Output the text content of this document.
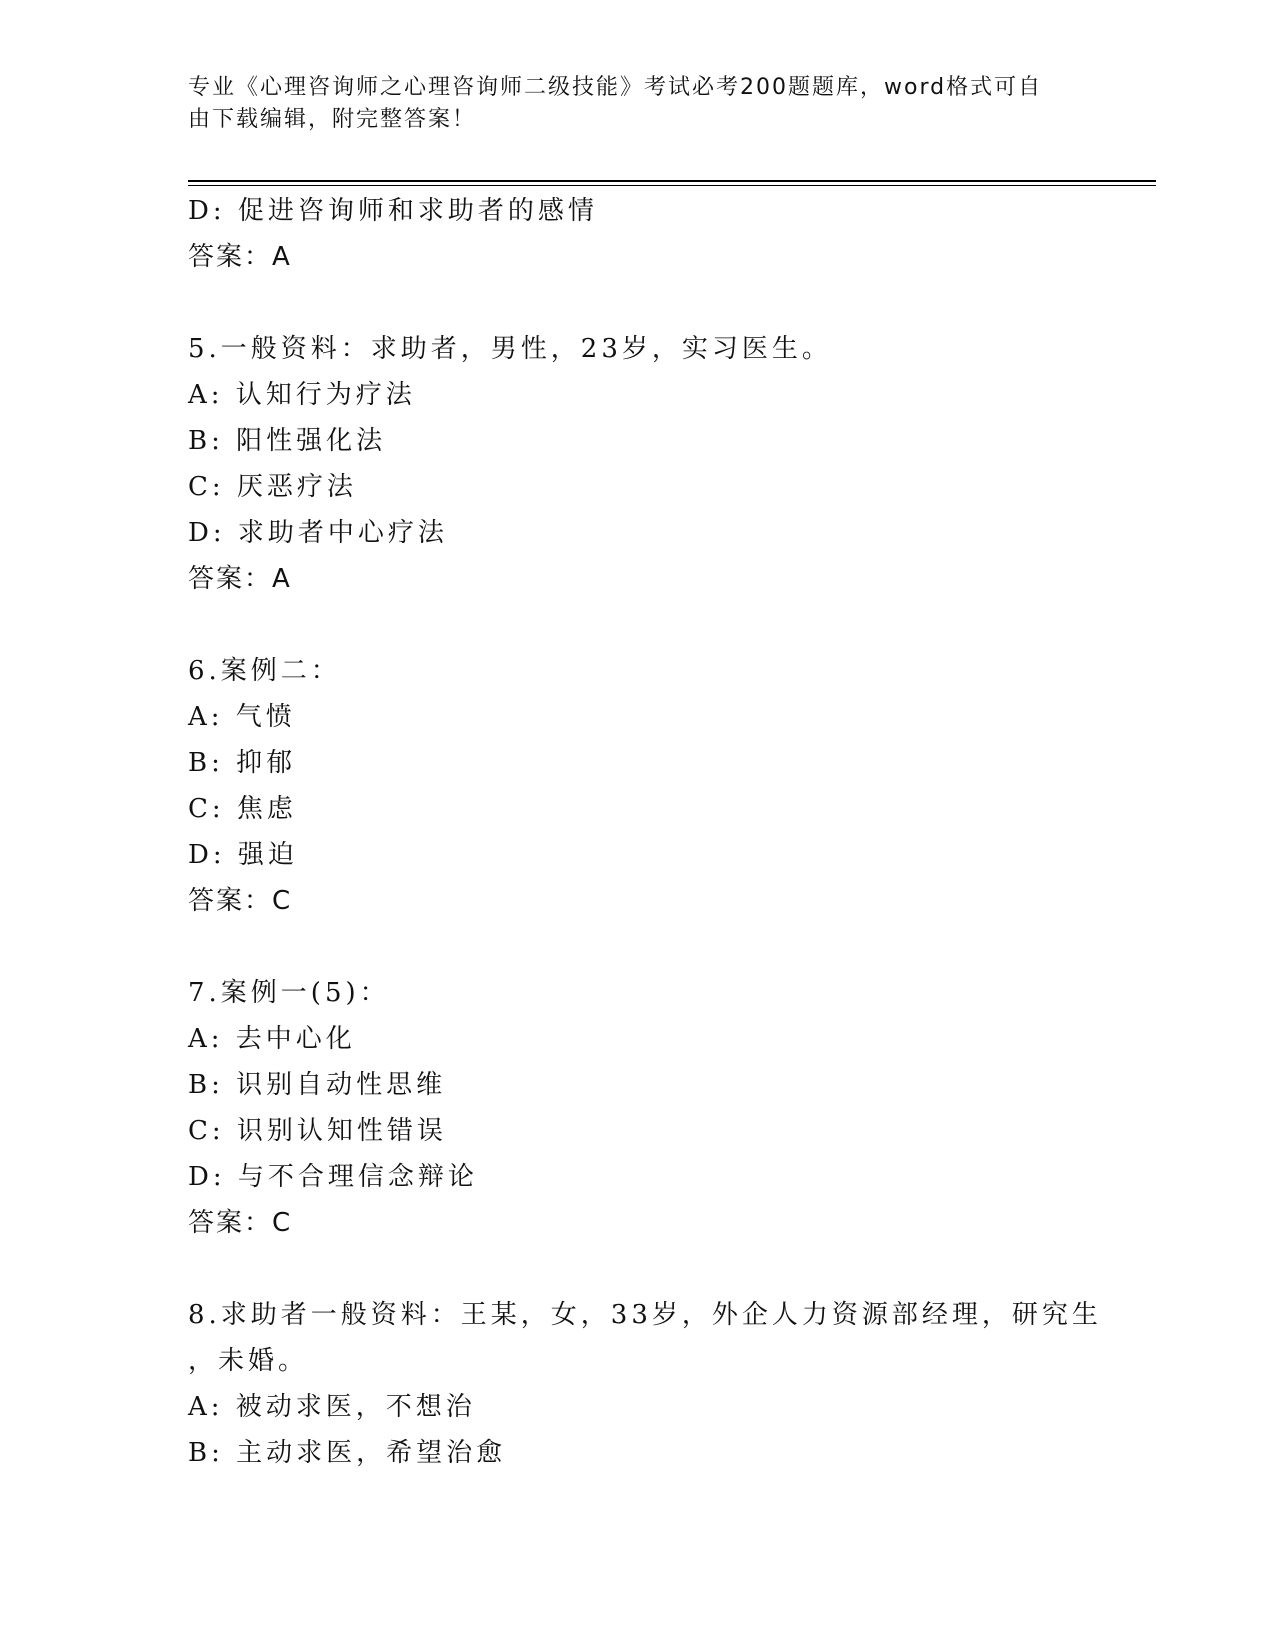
专业《心理咨询师之心理咨询师二级技能》考试必考200题题库，word格式可自
由下载编辑，附完整答案！
D: 促进咨询师和求助者的感情
答案：A
5.一般资料：求助者，男性，23岁，实习医生。
A: 认知行为疗法
B: 阳性强化法
C: 厌恶疗法
D: 求助者中心疗法
答案：A
6.案例二：
A: 气愤
B: 抑郁
C: 焦虑
D: 强迫
答案：C
7.案例一(5)：
A: 去中心化
B: 识别自动性思维
C: 识别认知性错误
D: 与不合理信念辩论
答案：C
8.求助者一般资料：王某，女，33岁，外企人力资源部经理，研究生
，未婚。
A: 被动求医，不想治
B: 主动求医，希望治愈
